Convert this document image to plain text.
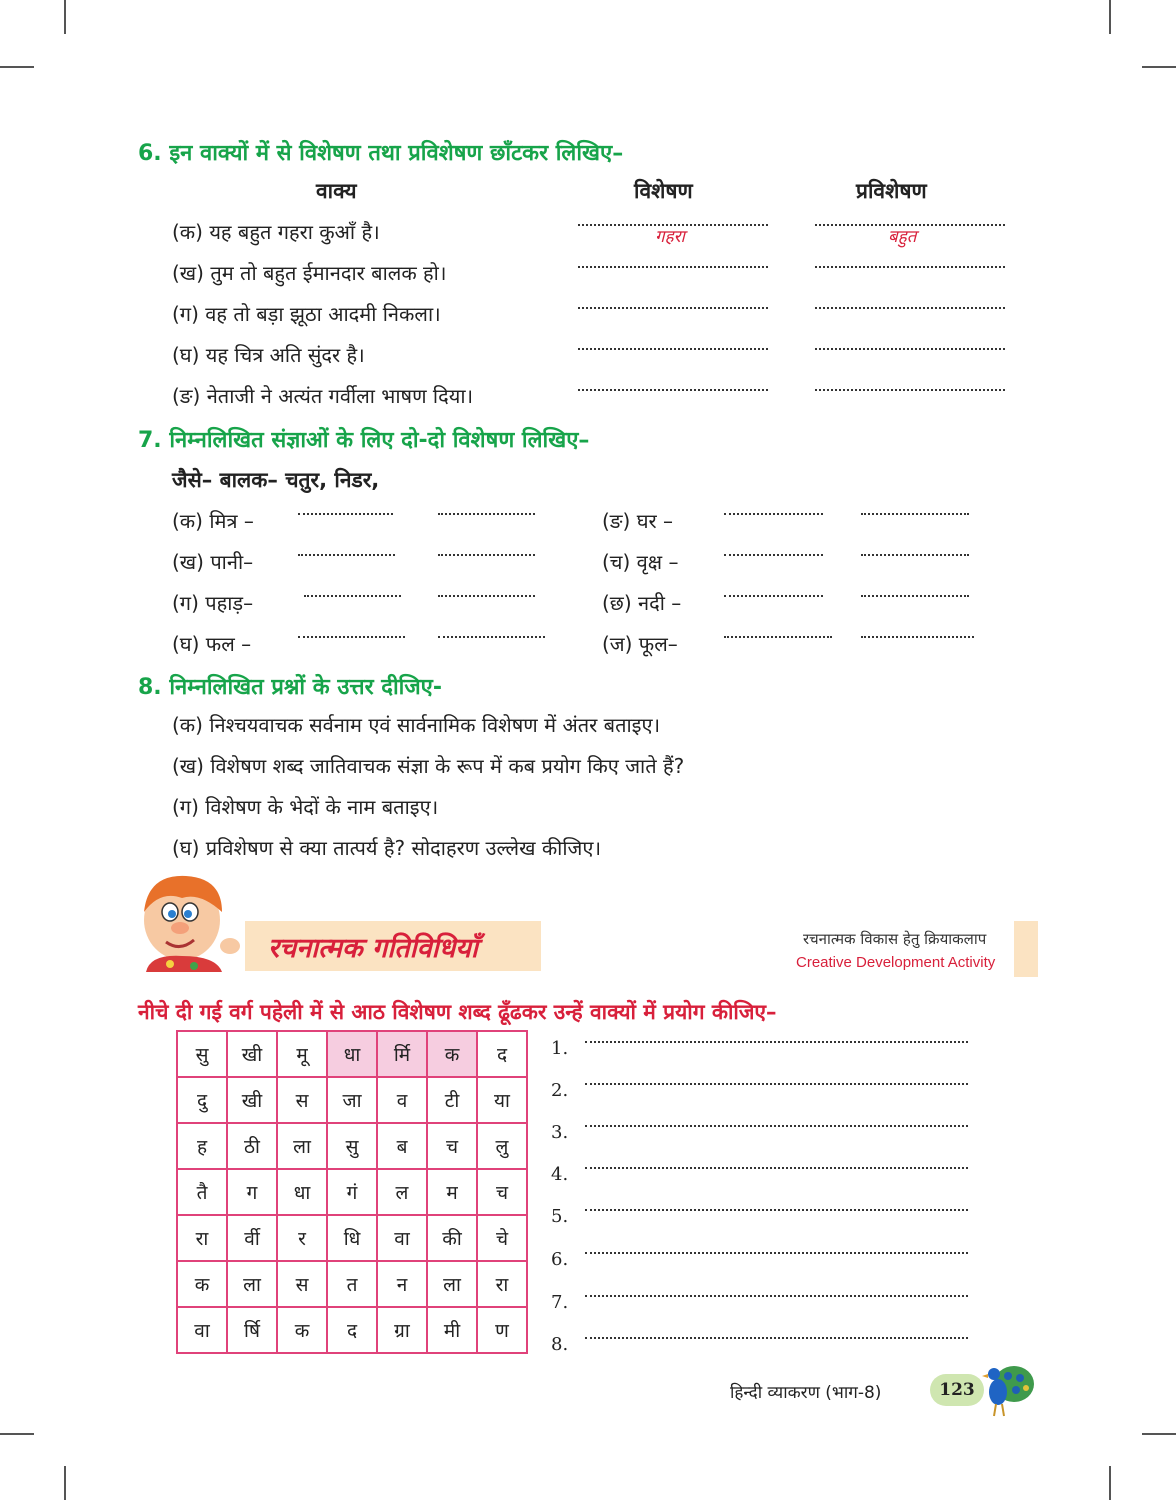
6. इन वाक्यों में से विशेषण तथा प्रविशेषण छाँटकर लिखिए–
वाक्य	विशेषण	प्रविशेषण
(क) यह बहुत गहरा कुआँ है।	गहरा	बहुत
(ख) तुम तो बहुत ईमानदार बालक हो।
(ग) वह तो बड़ा झूठा आदमी निकला।
(घ) यह चित्र अति सुंदर है।
(ङ) नेताजी ने अत्यंत गर्वीला भाषण दिया।
7. निम्नलिखित संज्ञाओं के लिए दो-दो विशेषण लिखिए–
जैसे– बालक– चतुर, निडर,
(क) मित्र –
(ख) पानी–
(ग) पहाड़–
(घ) फल –
(ङ) घर –
(च) वृक्ष –
(छ) नदी –
(ज) फूल–
8. निम्नलिखित प्रश्नों के उत्तर दीजिए-
(क) निश्चयवाचक सर्वनाम एवं सार्वनामिक विशेषण में अंतर बताइए।
(ख) विशेषण शब्द जातिवाचक संज्ञा के रूप में कब प्रयोग किए जाते हैं?
(ग) विशेषण के भेदों के नाम बताइए।
(घ) प्रविशेषण से क्या तात्पर्य है? सोदाहरण उल्लेख कीजिए।
रचनात्मक गतिविधियाँ	रचनात्मक विकास हेतु क्रियाकलाप
Creative Development Activity
नीचे दी गई वर्ग पहेली में से आठ विशेषण शब्द ढूँढकर उन्हें वाक्यों में प्रयोग कीजिए–
सु	खी	मू	धा	र्मि	क	द
दु	खी	स	जा	व	टी	या
ह	ठी	ला	सु	ब	च	लु
तै	ग	धा	गं	ल	म	च
रा	र्वी	र	धि	वा	की	चे
क	ला	स	त	न	ला	रा
वा	र्षि	क	द	ग्रा	मी	ण
1.
2.
3.
4.
5.
6.
7.
8.
हिन्दी व्याकरण (भाग-8)	123
